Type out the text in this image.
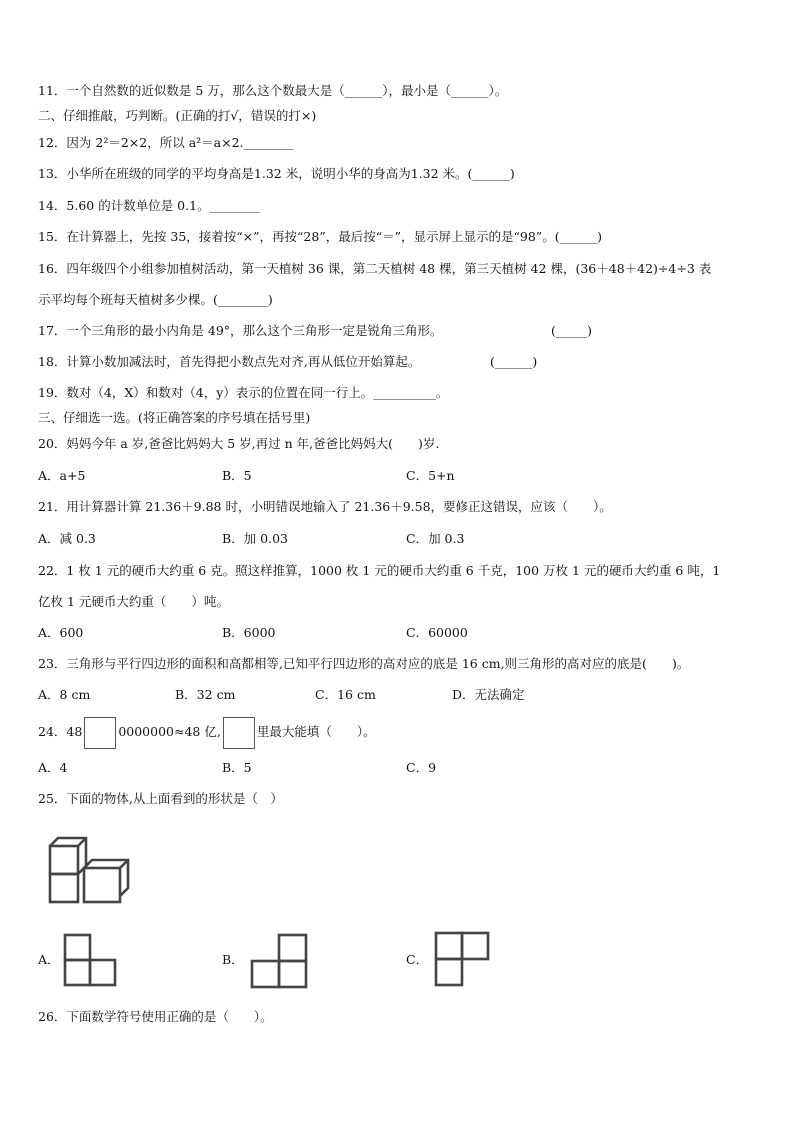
11．一个自然数的近似数是 5 万，那么这个数最大是（______），最小是（______）。
二、仔细推敲，巧判断。(正确的打√，错误的打×)
12．因为 2²＝2×2，所以 a²＝a×2.________
13．小华所在班级的同学的平均身高是1.32 米，说明小华的身高为1.32 米。(______)
14．5.60 的计数单位是 0.1。________
15．在计算器上，先按 35，接着按“×”，再按“28”，最后按“＝”，显示屏上显示的是“98”。(______)
16．四年级四个小组参加植树活动，第一天植树 36 课，第二天植树 48 棵，第三天植树 42 棵，(36＋48＋42)÷4÷3 表
示平均每个班每天植树多少棵。(________)
17．一个三角形的最小内角是 49°，那么这个三角形一定是锐角三角形。	(_____)
18．计算小数加减法时，首先得把小数点先对齐,再从低位开始算起。	(______)
19．数对（4，X）和数对（4，y）表示的位置在同一行上。__________。
三、仔细选一选。(将正确答案的序号填在括号里)
20．妈妈今年 a 岁,爸爸比妈妈大 5 岁,再过 n 年,爸爸比妈妈大(　　)岁.
A．a+5	B．5	C．5+n
21．用计算器计算 21.36＋9.88 时，小明错误地输入了 21.36＋9.58，要修正这错误，应该（　　）。
A．减 0.3	B．加 0.03	C．加 0.3
22．1 枚 1 元的硬币大约重 6 克。照这样推算，1000 枚 1 元的硬币大约重 6 千克，100 万枚 1 元的硬币大约重 6 吨，1
亿枚 1 元硬币大约重（　　）吨。
A．600	B．6000	C．60000
23．三角形与平行四边形的面积和高都相等,已知平行四边形的高对应的底是 16 cm,则三角形的高对应的底是(　　)。
A．8 cm	B．32 cm	C．16 cm	D．无法确定
24．48	0000000≈48 亿,	里最大能填（　　）。
A．4	B．5	C．9
25．下面的物体,从上面看到的形状是（　）
A．	B．	C．
26．下面数学符号使用正确的是（　　）。
